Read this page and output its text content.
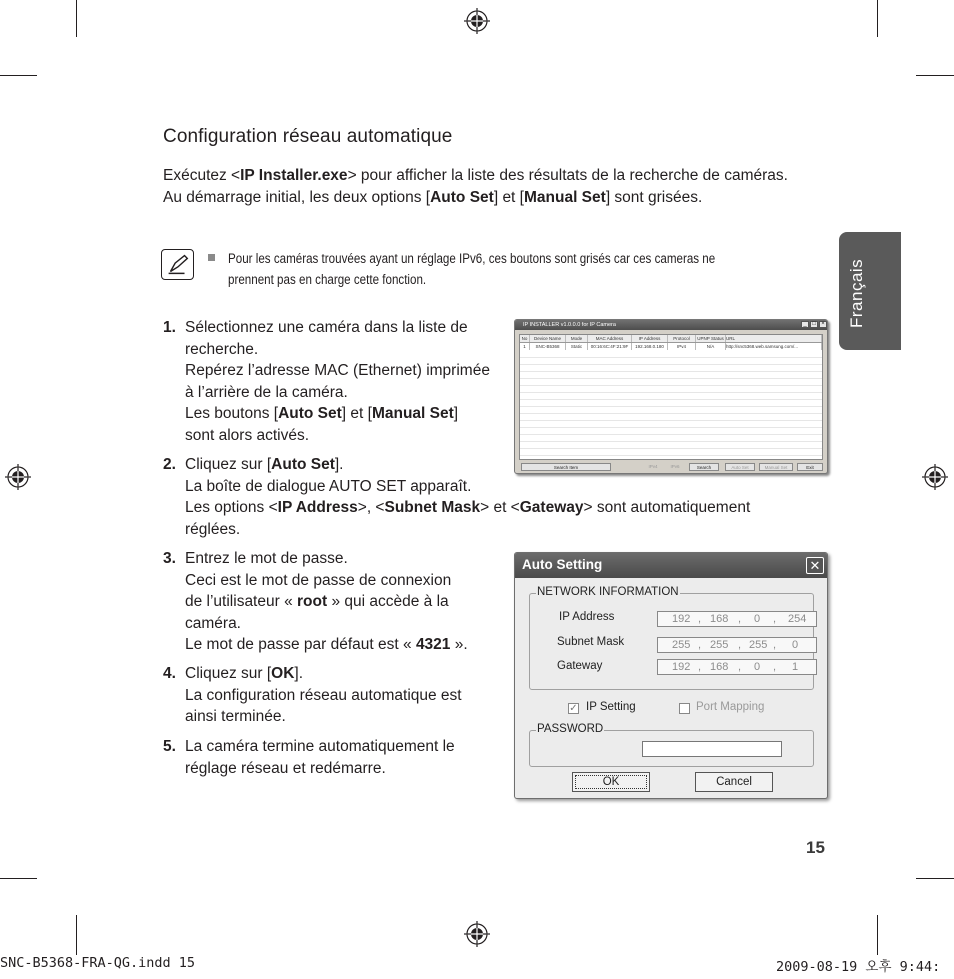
Configuration réseau automatique
Exécutez <IP Installer.exe> pour afficher la liste des résultats de la recherche de caméras.
Au démarrage initial, les deux options [Auto Set] et [Manual Set] sont grisées.
Pour les caméras trouvées ayant un réglage IPv6, ces boutons sont grisés car ces cameras ne
prennent pas en charge cette fonction.
1. Sélectionnez une caméra dans la liste de
recherche.
Repérez l’adresse MAC (Ethernet) imprimée
à l’arrière de la caméra.
Les boutons [Auto Set] et [Manual Set]
sont alors activés.
2. Cliquez sur [Auto Set].
La boîte de dialogue AUTO SET apparaît.
Les options <IP Address>, <Subnet Mask> et <Gateway> sont automatiquement
réglées.
3. Entrez le mot de passe.
Ceci est le mot de passe de connexion
de l’utilisateur « root » qui accède à la
caméra.
Le mot de passe par défaut est « 4321 ».
4. Cliquez sur [OK].
La configuration réseau automatique est
ainsi terminée.
5. La caméra termine automatiquement le
réglage réseau et redémarre.
IP INSTALLER v1.0.0.0 for IP Camera	_ □ ×
No	Device Name	Mode	MAC Address	IP Address	Protocol	UPNP Status URL
1	SNC-B5368	Static	00:16:6C:4F:21:9F	192.168.0.180	IPv4	N/A	http://snc5368.web.samsung.com/...
Search Item	IPv4	IPv6	Search	Auto Set	Manual Set	Exit
Auto Setting	✕
NETWORK INFORMATION
IP Address	192 , 168 , 0 , 254
Subnet Mask	255 , 255 , 255 , 0
Gateway	192 , 168 , 0 , 1
✓ IP Setting	Port Mapping
PASSWORD
OK	Cancel
Français
15
SNC-B5368-FRA-QG.indd 15	2009-08-19 오후 9:44:
